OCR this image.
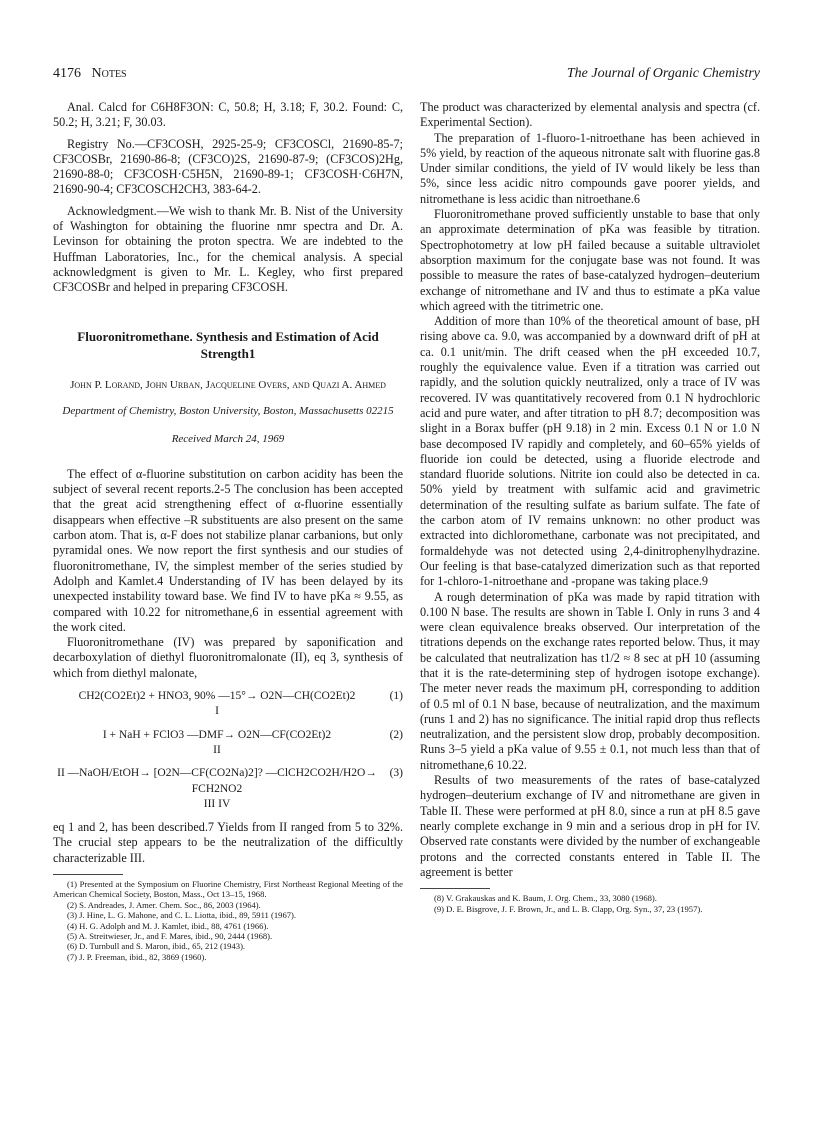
4176 Notes	The Journal of Organic Chemistry

Anal. Calcd for C6H8F3ON: C, 50.8; H, 3.18; F, 30.2. Found: C, 50.2; H, 3.21; F, 30.03.

Registry No.—CF3COSH, 2925-25-9; CF3COSCl, 21690-85-7; CF3COSBr, 21690-86-8; (CF3CO)2S, 21690-87-9; (CF3COS)2Hg, 21690-88-0; CF3COSH·C5H5N, 21690-89-1; CF3COSH·C6H7N, 21690-90-4; CF3COSCH2CH3, 383-64-2.

Acknowledgment.—We wish to thank Mr. B. Nist of the University of Washington for obtaining the fluorine nmr spectra and Dr. A. Levinson for obtaining the proton spectra. We are indebted to the Huffman Laboratories, Inc., for the chemical analysis. A special acknowledgment is given to Mr. L. Kegley, who first prepared CF3COSBr and helped in preparing CF3COSH.

Fluoronitromethane. Synthesis and Estimation of Acid Strength1
John P. Lorand, John Urban, Jacqueline Overs, and Quazi A. Ahmed
Department of Chemistry, Boston University, Boston, Massachusetts 02215
Received March 24, 1969

The effect of α-fluorine substitution on carbon acidity has been the subject of several recent reports.2-5 The conclusion has been accepted that the great acid strengthening effect of α-fluorine essentially disappears when effective –R substituents are also present on the same carbon atom. That is, α-F does not stabilize planar carbanions, but only pyramidal ones. We now report the first synthesis and our studies of fluoronitromethane, IV, the simplest member of the series studied by Adolph and Kamlet.4 Understanding of IV has been delayed by its unexpected instability toward base. We find IV to have pKa ≈ 9.55, as compared with 10.22 for nitromethane,6 in essential agreement with the work cited.

Fluoronitromethane (IV) was prepared by saponification and decarboxylation of diethyl fluoronitromalonate (II), eq 3, synthesis of which from diethyl malonate,

CH2(CO2Et)2 + HNO3, 90% —15°→ O2N—CH(CO2Et)2
I
(1)
I + NaH + FClO3 —DMF→ O2N—CF(CO2Et)2
II
(2)
II —NaOH/EtOH→ [O2N—CF(CO2Na)2]? —ClCH2CO2H/H2O→ FCH2NO2
III IV
(3)

eq 1 and 2, has been described.7 Yields from II ranged from 5 to 32%. The crucial step appears to be the neutralization of the difficultly characterizable III.

(1) Presented at the Symposium on Fluorine Chemistry, First Northeast Regional Meeting of the American Chemical Society, Boston, Mass., Oct 13–15, 1968.

(2) S. Andreades, J. Amer. Chem. Soc., 86, 2003 (1964).

(3) J. Hine, L. G. Mahone, and C. L. Liotta, ibid., 89, 5911 (1967).

(4) H. G. Adolph and M. J. Kamlet, ibid., 88, 4761 (1966).

(5) A. Streitwieser, Jr., and F. Mares, ibid., 90, 2444 (1968).

(6) D. Turnbull and S. Maron, ibid., 65, 212 (1943).

(7) J. P. Freeman, ibid., 82, 3869 (1960).

The product was characterized by elemental analysis and spectra (cf. Experimental Section).

The preparation of 1-fluoro-1-nitroethane has been achieved in 5% yield, by reaction of the aqueous nitronate salt with fluorine gas.8 Under similar conditions, the yield of IV would likely be less than 5%, since less acidic nitro compounds gave poorer yields, and nitromethane is less acidic than nitroethane.6

Fluoronitromethane proved sufficiently unstable to base that only an approximate determination of pKa was feasible by titration. Spectrophotometry at low pH failed because a suitable ultraviolet absorption maximum for the conjugate base was not found. It was possible to measure the rates of base-catalyzed hydrogen–deuterium exchange of nitromethane and IV and thus to estimate a pKa value which agreed with the titrimetric one.

Addition of more than 10% of the theoretical amount of base, pH rising above ca. 9.0, was accompanied by a downward drift of pH at ca. 0.1 unit/min. The drift ceased when the pH exceeded 10.7, roughly the equivalence value. Even if a titration was carried out rapidly, and the solution quickly neutralized, only a trace of IV was recovered. IV was quantitatively recovered from 0.1 N hydrochloric acid and pure water, and after titration to pH 8.7; decomposition was slight in a Borax buffer (pH 9.18) in 2 min. Excess 0.1 N or 1.0 N base decomposed IV rapidly and completely, and 60–65% yields of fluoride ion could be detected, using a fluoride electrode and standard fluoride solutions. Nitrite ion could also be detected in ca. 50% yield by treatment with sulfamic acid and gravimetric determination of the resulting sulfate as barium sulfate. The fate of the carbon atom of IV remains unknown: no other product was extracted into dichloromethane, carbonate was not precipitated, and formaldehyde was not detected using 2,4-dinitrophenylhydrazine. Our feeling is that base-catalyzed dimerization such as that reported for 1-chloro-1-nitroethane and -propane was taking place.9

A rough determination of pKa was made by rapid titration with 0.100 N base. The results are shown in Table I. Only in runs 3 and 4 were clean equivalence breaks observed. Our interpretation of the titrations depends on the exchange rates reported below. Thus, it may be calculated that neutralization has t1/2 ≈ 8 sec at pH 10 (assuming that it is the rate-determining step of hydrogen isotope exchange). The meter never reads the maximum pH, corresponding to addition of 0.5 ml of 0.1 N base, because of neutralization, and the maximum (runs 1 and 2) has no significance. The initial rapid drop thus reflects neutralization, and the persistent slow drop, probably decomposition. Runs 3–5 yield a pKa value of 9.55 ± 0.1, not much less than that of nitromethane,6 10.22.

Results of two measurements of the rates of base-catalyzed hydrogen–deuterium exchange of IV and nitromethane are given in Table II. These were performed at pH 8.0, since a run at pH 8.5 gave nearly complete exchange in 9 min and a serious drop in pH for IV. Observed rate constants were divided by the number of exchangeable protons and the corrected constants entered in Table II. The agreement is better

(8) V. Grakauskas and K. Baum, J. Org. Chem., 33, 3080 (1968).

(9) D. E. Bisgrove, J. F. Brown, Jr., and L. B. Clapp, Org. Syn., 37, 23 (1957).
